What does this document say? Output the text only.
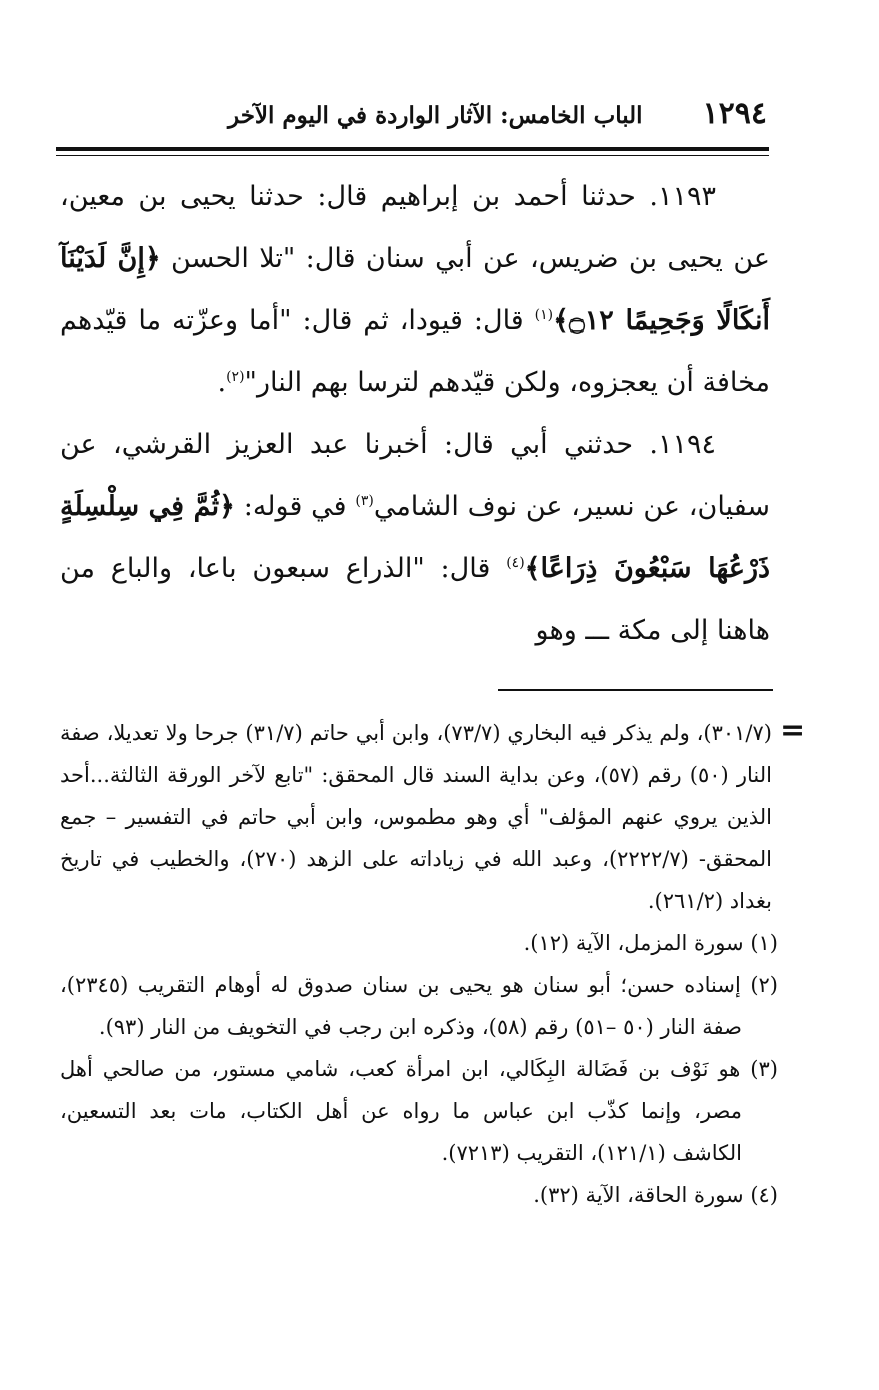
١٢٩٤
الباب الخامس: الآثار الواردة في اليوم الآخر

١١٩٣. حدثنا أحمد بن إبراهيم قال: حدثنا يحيى بن معين، عن يحيى بن ضريس، عن أبي سنان قال: "تلا الحسن ﴿إِنَّ لَدَيْنَآ أَنكَالًا وَجَحِيمًا ۝١٢﴾$^{(١)}$ قال: قيودا، ثم قال: "أما وعزّته ما قيّدهم مخافة أن يعجزوه، ولكن قيّدهم لترسا بهم النار"$^{(٢)}$.

١١٩٤. حدثني أبي قال: أخبرنا عبد العزيز القرشي، عن سفيان، عن نسير، عن نوف الشامي$^{(٣)}$ في قوله: ﴿ثُمَّ فِي سِلْسِلَةٍ ذَرْعُهَا سَبْعُونَ ذِرَاعًا﴾$^{(٤)}$ قال: "الذراع سبعون باعا، والباع من هاهنا إلى مكة ـــ وهو

=

(٣٠١/٧)، ولم يذكر فيه البخاري (٧٣/٧)، وابن أبي حاتم (٣١/٧) جرحا ولا تعديلا، صفة النار (٥٠) رقم (٥٧)، وعن بداية السند قال المحقق: "تابع لآخر الورقة الثالثة...أحد الذين يروي عنهم المؤلف" أي وهو مطموس، وابن أبي حاتم في التفسير – جمع المحقق- (٢٢٢٢/٧)، وعبد الله في زياداته على الزهد (٢٧٠)، والخطيب في تاريخ بغداد (٢٦١/٢).

(١) سورة المزمل، الآية (١٢).

(٢) إسناده حسن؛ أبو سنان هو يحيى بن سنان صدوق له أوهام التقريب (٢٣٤٥)، صفة النار (٥٠ –٥١) رقم (٥٨)، وذكره ابن رجب في التخويف من النار (٩٣).

(٣) هو نَوْف بن فَضَالة البِكَالي، ابن امرأة كعب، شامي مستور، من صالحي أهل مصر، وإنما كذّب ابن عباس ما رواه عن أهل الكتاب، مات بعد التسعين، الكاشف (١٢١/١)، التقريب (٧٢١٣).

(٤) سورة الحاقة، الآية (٣٢).
